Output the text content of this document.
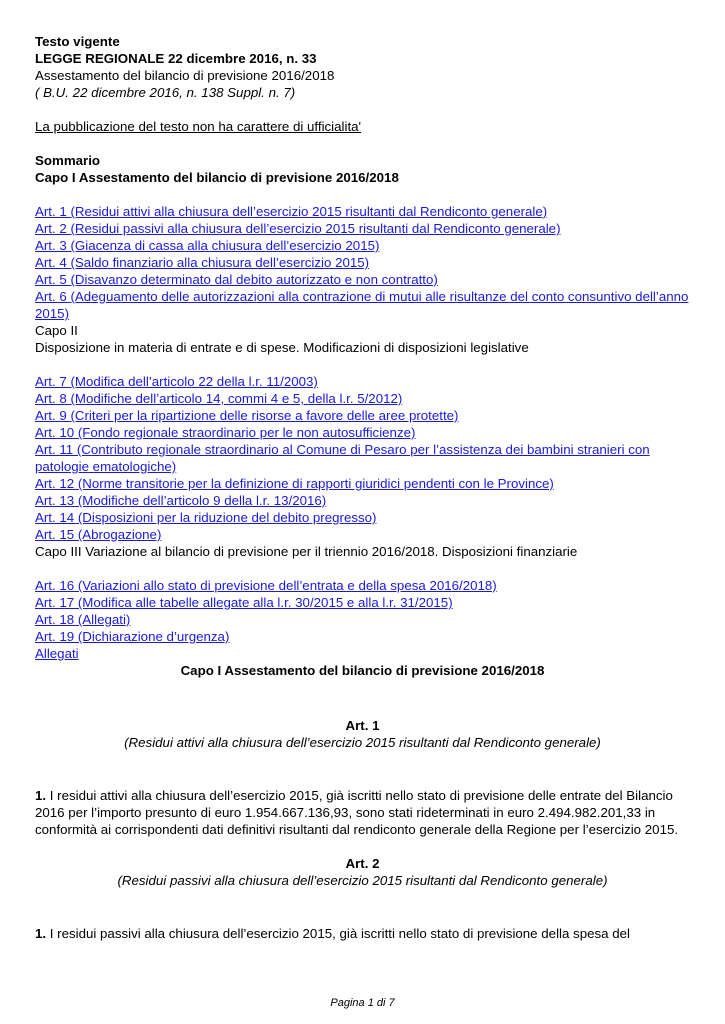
Testo vigente
LEGGE REGIONALE 22 dicembre 2016, n. 33
Assestamento del bilancio di previsione 2016/2018
( B.U. 22 dicembre 2016, n. 138 Suppl. n. 7)
La pubblicazione del testo non ha carattere di ufficialita'
Sommario
Capo I Assestamento del bilancio di previsione 2016/2018
Art. 1 (Residui attivi alla chiusura dell’esercizio 2015 risultanti dal Rendiconto generale)
Art. 2 (Residui passivi alla chiusura dell’esercizio 2015 risultanti dal Rendiconto generale)
Art. 3 (Giacenza di cassa alla chiusura dell’esercizio 2015)
Art. 4 (Saldo finanziario alla chiusura dell’esercizio 2015)
Art. 5 (Disavanzo determinato dal debito autorizzato e non contratto)
Art. 6 (Adeguamento delle autorizzazioni alla contrazione di mutui alle risultanze del conto consuntivo dell’anno 2015)
Capo II
Disposizione in materia di entrate e di spese. Modificazioni di disposizioni legislative
Art. 7 (Modifica dell’articolo 22 della l.r. 11/2003)
Art. 8 (Modifiche dell’articolo 14, commi 4 e 5, della l.r. 5/2012)
Art. 9 (Criteri per la ripartizione delle risorse a favore delle aree protette)
Art. 10 (Fondo regionale straordinario per le non autosufficienze)
Art. 11 (Contributo regionale straordinario al Comune di Pesaro per l’assistenza dei bambini stranieri con patologie ematologiche)
Art. 12 (Norme transitorie per la definizione di rapporti giuridici pendenti con le Province)
Art. 13 (Modifiche dell’articolo 9 della l.r. 13/2016)
Art. 14 (Disposizioni per la riduzione del debito pregresso)
Art. 15 (Abrogazione)
Capo III Variazione al bilancio di previsione per il triennio 2016/2018. Disposizioni finanziarie
Art. 16 (Variazioni allo stato di previsione dell’entrata e della spesa 2016/2018)
Art. 17 (Modifica alle tabelle allegate alla l.r. 30/2015 e alla l.r. 31/2015)
Art. 18 (Allegati)
Art. 19 (Dichiarazione d’urgenza)
Allegati
Capo I Assestamento del bilancio di previsione 2016/2018
Art. 1
(Residui attivi alla chiusura dell’esercizio 2015 risultanti dal Rendiconto generale)

1. I residui attivi alla chiusura dell’esercizio 2015, già iscritti nello stato di previsione delle entrate del Bilancio 2016 per l’importo presunto di euro 1.954.667.136,93, sono stati rideterminati in euro 2.494.982.201,33 in conformità ai corrispondenti dati definitivi risultanti dal rendiconto generale della Regione per l’esercizio 2015.

Art. 2
(Residui passivi alla chiusura dell’esercizio 2015 risultanti dal Rendiconto generale)

1. I residui passivi alla chiusura dell’esercizio 2015, già iscritti nello stato di previsione della spesa del

Pagina 1 di 7
